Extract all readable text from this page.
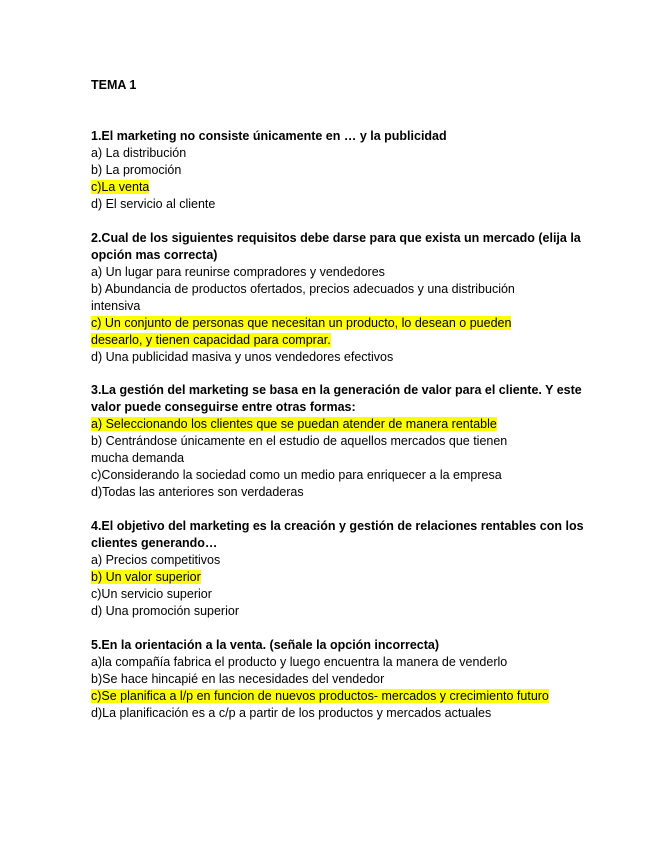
TEMA 1
1.El marketing no consiste únicamente en … y la publicidad
a) La distribución
b) La promoción
c)La venta
d) El servicio al cliente
2.Cual de los siguientes requisitos debe darse para que exista un mercado (elija la
opción mas correcta)
a) Un lugar para reunirse compradores y vendedores
b) Abundancia de productos ofertados, precios adecuados y una distribución
intensiva
c) Un conjunto de personas que necesitan un producto, lo desean o pueden
desearlo, y tienen capacidad para comprar.
d) Una publicidad masiva y unos vendedores efectivos
3.La gestión del marketing se basa en la generación de valor para el cliente. Y este
valor puede conseguirse entre otras formas:
a) Seleccionando los clientes que se puedan atender de manera rentable
b) Centrándose únicamente en el estudio de aquellos mercados que tienen
mucha demanda
c)Considerando la sociedad como un medio para enriquecer a la empresa
d)Todas las anteriores son verdaderas
4.El objetivo del marketing es la creación y gestión de relaciones rentables con los
clientes generando…
a) Precios competitivos
b) Un valor superior
c)Un servicio superior
d) Una promoción superior
5.En la orientación a la venta. (señale la opción incorrecta)
a)la compañía fabrica el producto y luego encuentra la manera de venderlo
b)Se hace hincapié en las necesidades del vendedor
c)Se planifica a l/p en funcion de nuevos productos- mercados y crecimiento futuro
d)La planificación es a c/p a partir de los productos y mercados actuales
